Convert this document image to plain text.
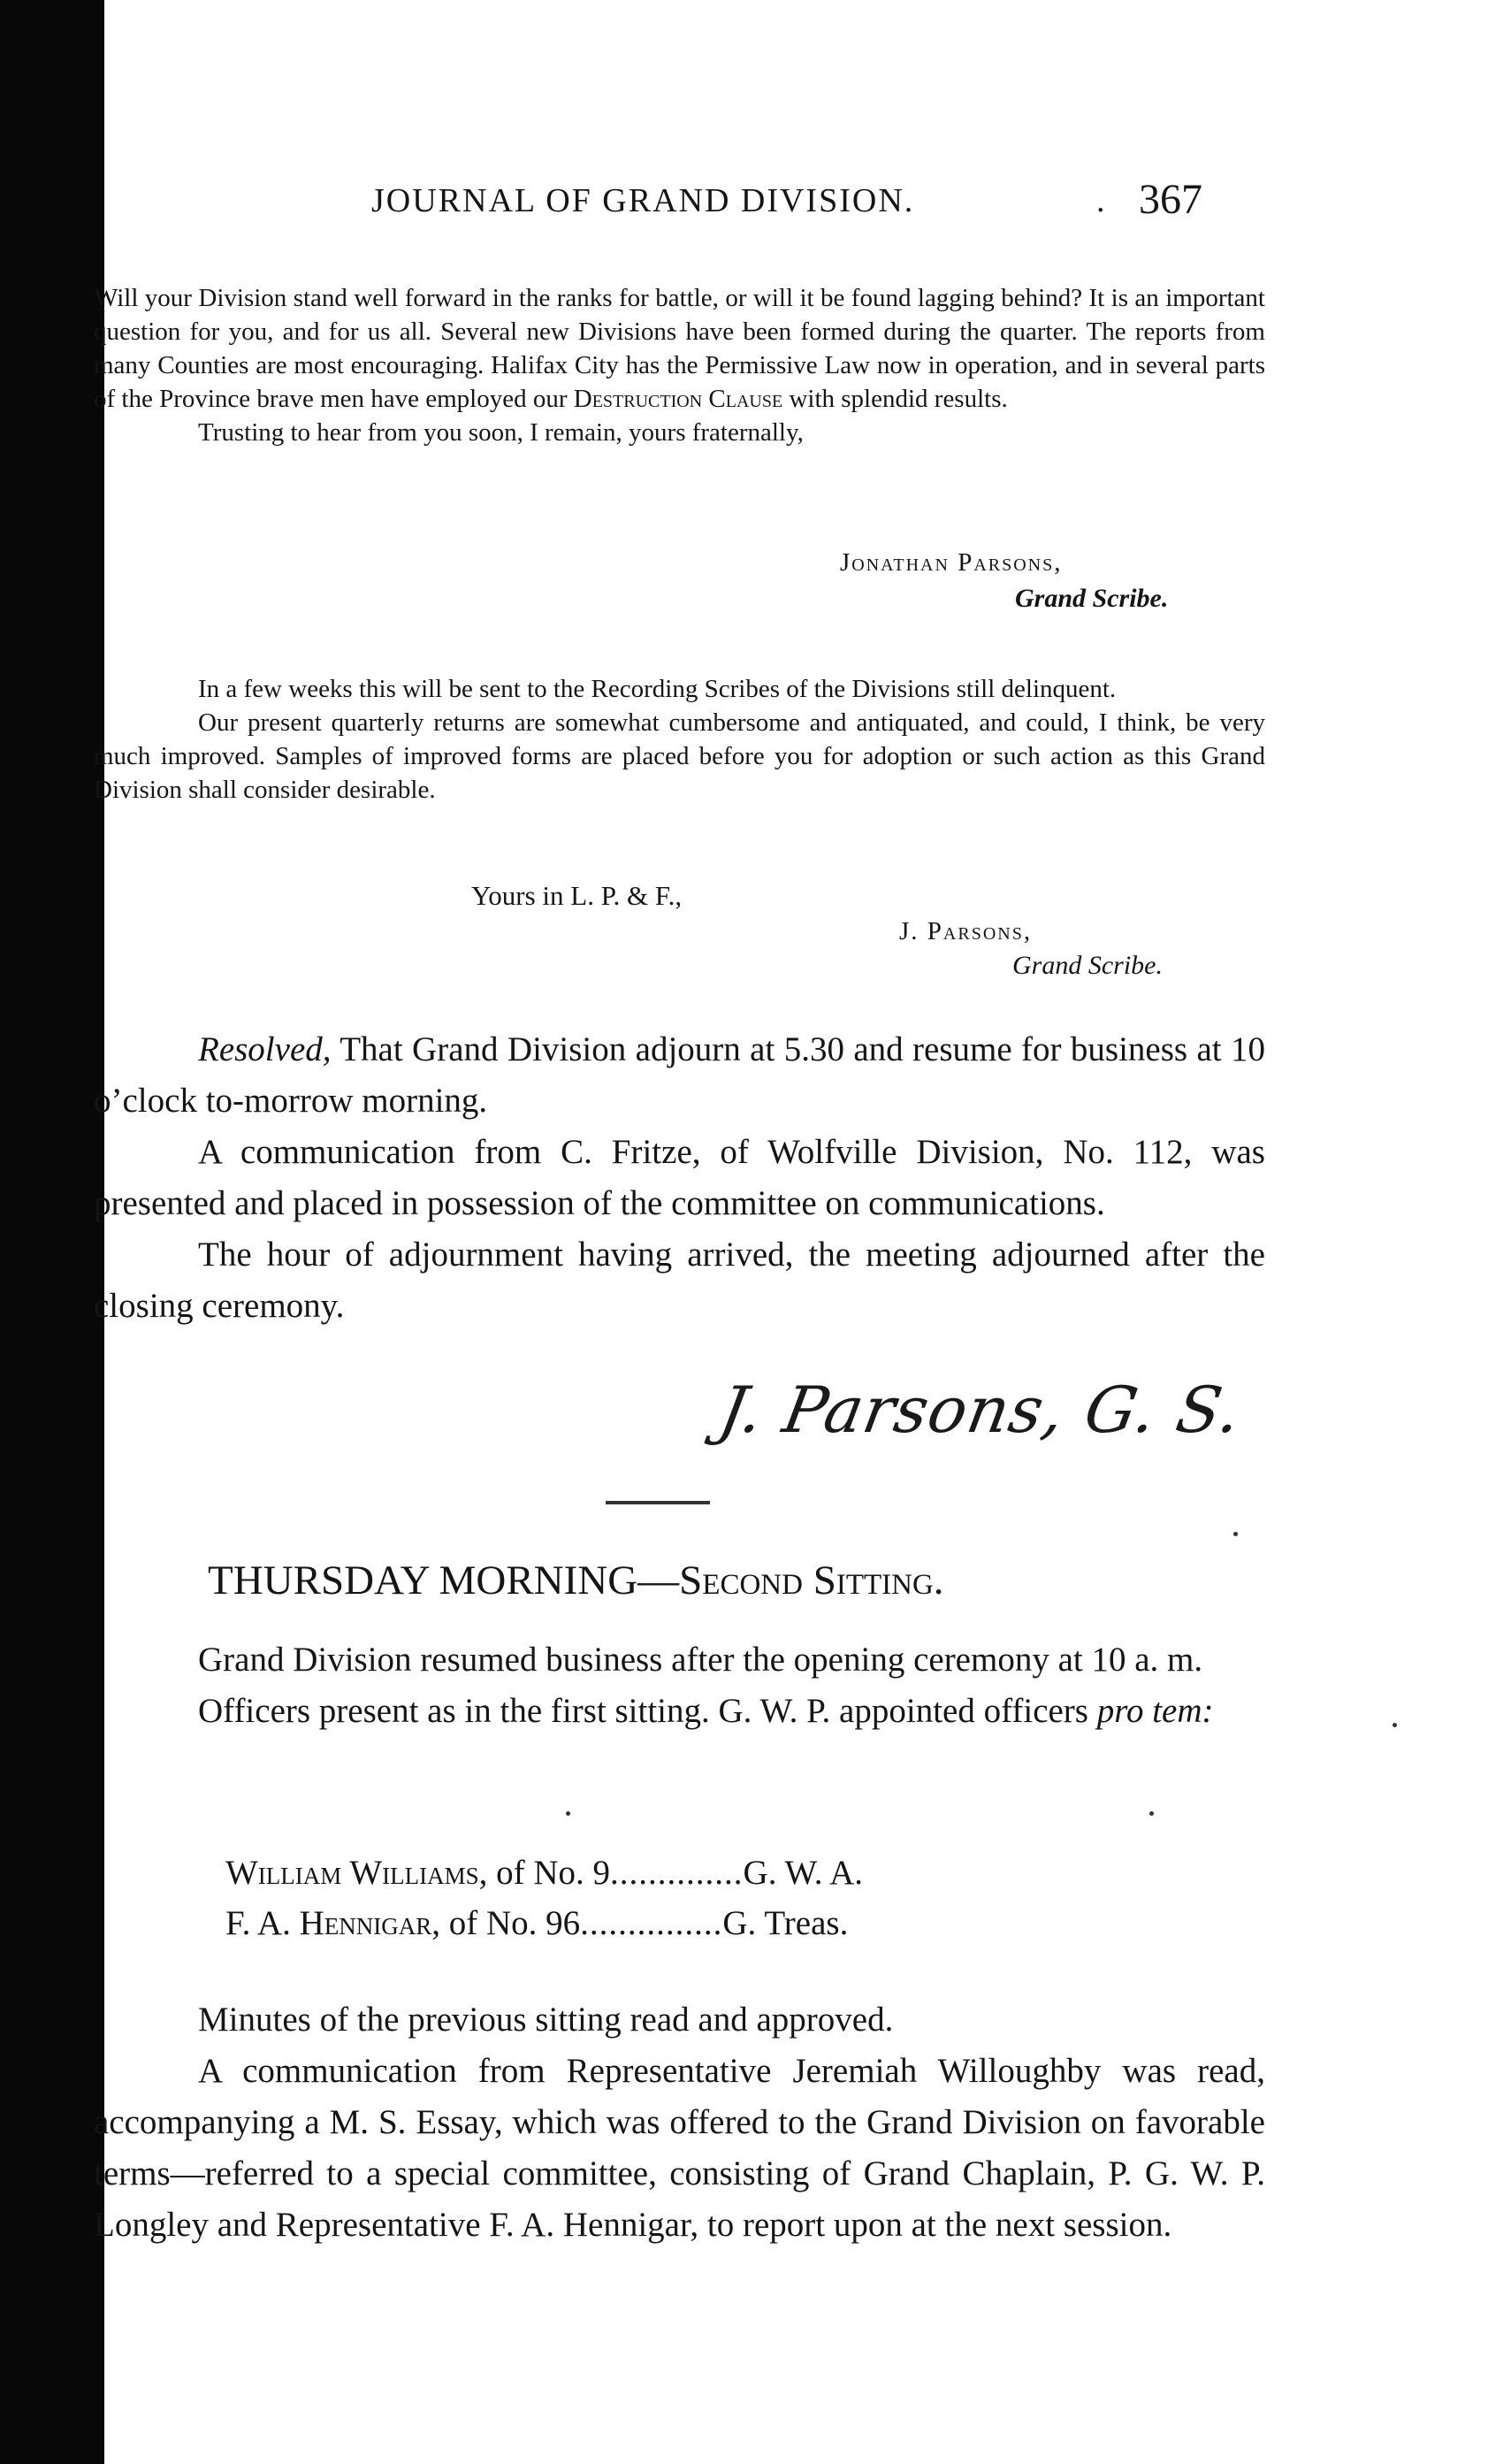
JOURNAL OF GRAND DIVISION.	. 367

Will your Division stand well forward in the ranks for battle, or will it be found lagging behind? It is an important question for you, and for us all. Several new Divisions have been formed during the quarter. The reports from many Counties are most encouraging. Halifax City has the Permissive Law now in operation, and in several parts of the Province brave men have employed our Destruction Clause with splendid results.

Trusting to hear from you soon, I remain, yours fraternally,

Jonathan Parsons,
Grand Scribe.

In a few weeks this will be sent to the Recording Scribes of the Divisions still delinquent.

Our present quarterly returns are somewhat cumbersome and antiquated, and could, I think, be very much improved. Samples of improved forms are placed before you for adoption or such action as this Grand Division shall consider desirable.

Yours in L. P. & F.,
J. Parsons,
Grand Scribe.

Resolved, That Grand Division adjourn at 5.30 and resume for business at 10 o’clock to-morrow morning.

A communication from C. Fritze, of Wolfville Division, No. 112, was presented and placed in possession of the committee on communications.

The hour of adjournment having arrived, the meeting adjourned after the closing ceremony.

J. Parsons, G. S.
THURSDAY MORNING—Second Sitting.

Grand Division resumed business after the opening ceremony at 10 a. m.

Officers present as in the first sitting. G. W. P. appointed officers pro tem:

William Williams, of No. 9..............G. W. A.
F. A. Hennigar, of No. 96...............G. Treas.

Minutes of the previous sitting read and approved.

A communication from Representative Jeremiah Willoughby was read, accompanying a M. S. Essay, which was offered to the Grand Division on favorable terms—referred to a special committee, consisting of Grand Chaplain, P. G. W. P. Longley and Representative F. A. Hennigar, to report upon at the next session.
